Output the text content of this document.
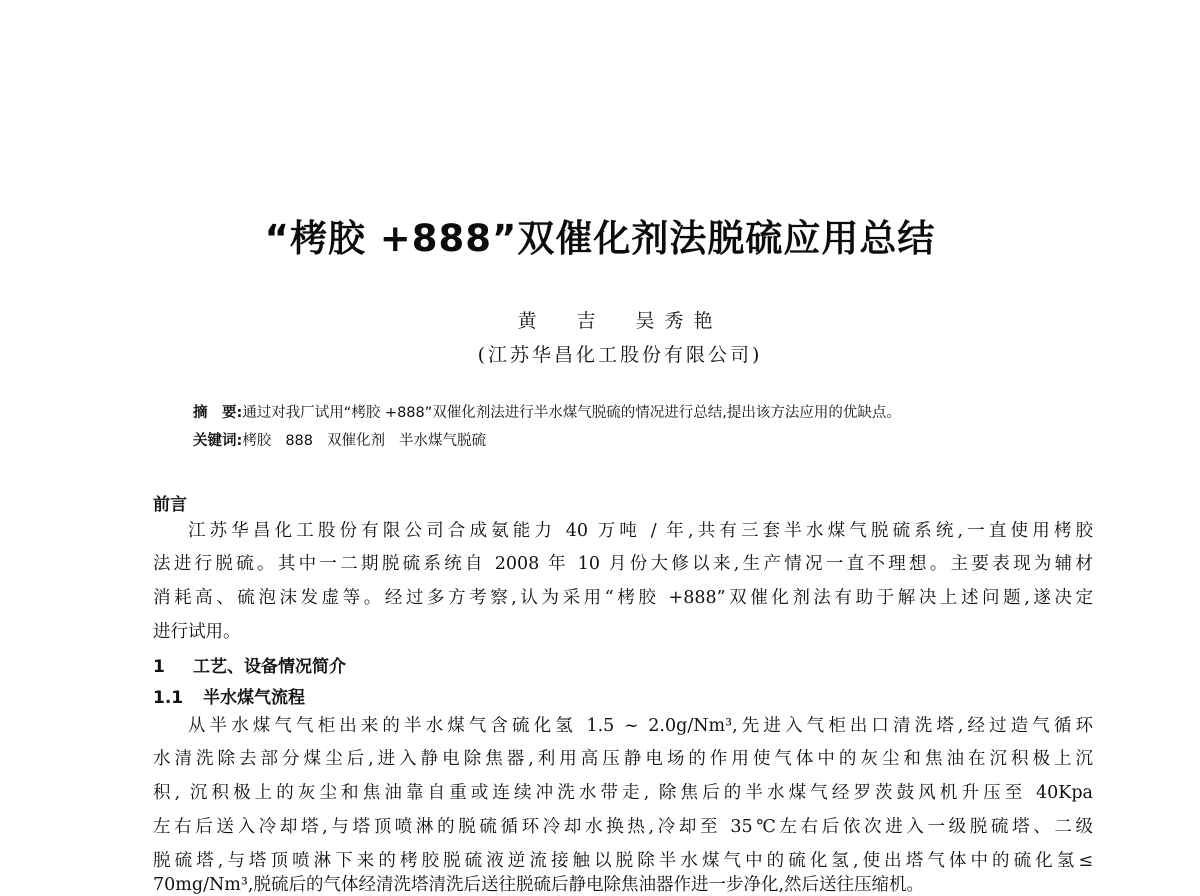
“栲胶 +888”双催化剂法脱硫应用总结
黄 吉 吴秀艳
(江苏华昌化工股份有限公司)
摘　要:通过对我厂试用“栲胶 +888”双催化剂法进行半水煤气脱硫的情况进行总结,提出该方法应用的优缺点。
关键词:栲胶 888 双催化剂 半水煤气脱硫
前言
江苏华昌化工股份有限公司合成氨能力 40 万吨 / 年,共有三套半水煤气脱硫系统,一直使用栲胶
法进行脱硫。其中一二期脱硫系统自 2008 年 10 月份大修以来,生产情况一直不理想。主要表现为辅材
消耗高、硫泡沫发虚等。经过多方考察,认为采用“栲胶 +888”双催化剂法有助于解决上述问题,遂决定
进行试用。
1 工艺、设备情况简介
1.1 半水煤气流程
从半水煤气气柜出来的半水煤气含硫化氢 1.5 ~ 2.0g/Nm³,先进入气柜出口清洗塔,经过造气循环
水清洗除去部分煤尘后,进入静电除焦器,利用高压静电场的作用使气体中的灰尘和焦油在沉积极上沉
积, 沉积极上的灰尘和焦油靠自重或连续冲洗水带走, 除焦后的半水煤气经罗茨鼓风机升压至 40Kpa
左右后送入冷却塔,与塔顶喷淋的脱硫循环冷却水换热,冷却至 35℃左右后依次进入一级脱硫塔、二级
脱硫塔,与塔顶喷淋下来的栲胶脱硫液逆流接触以脱除半水煤气中的硫化氢,使出塔气体中的硫化氢≤
70mg/Nm³,脱硫后的气体经清洗塔清洗后送往脱硫后静电除焦油器作进一步净化,然后送往压缩机。
